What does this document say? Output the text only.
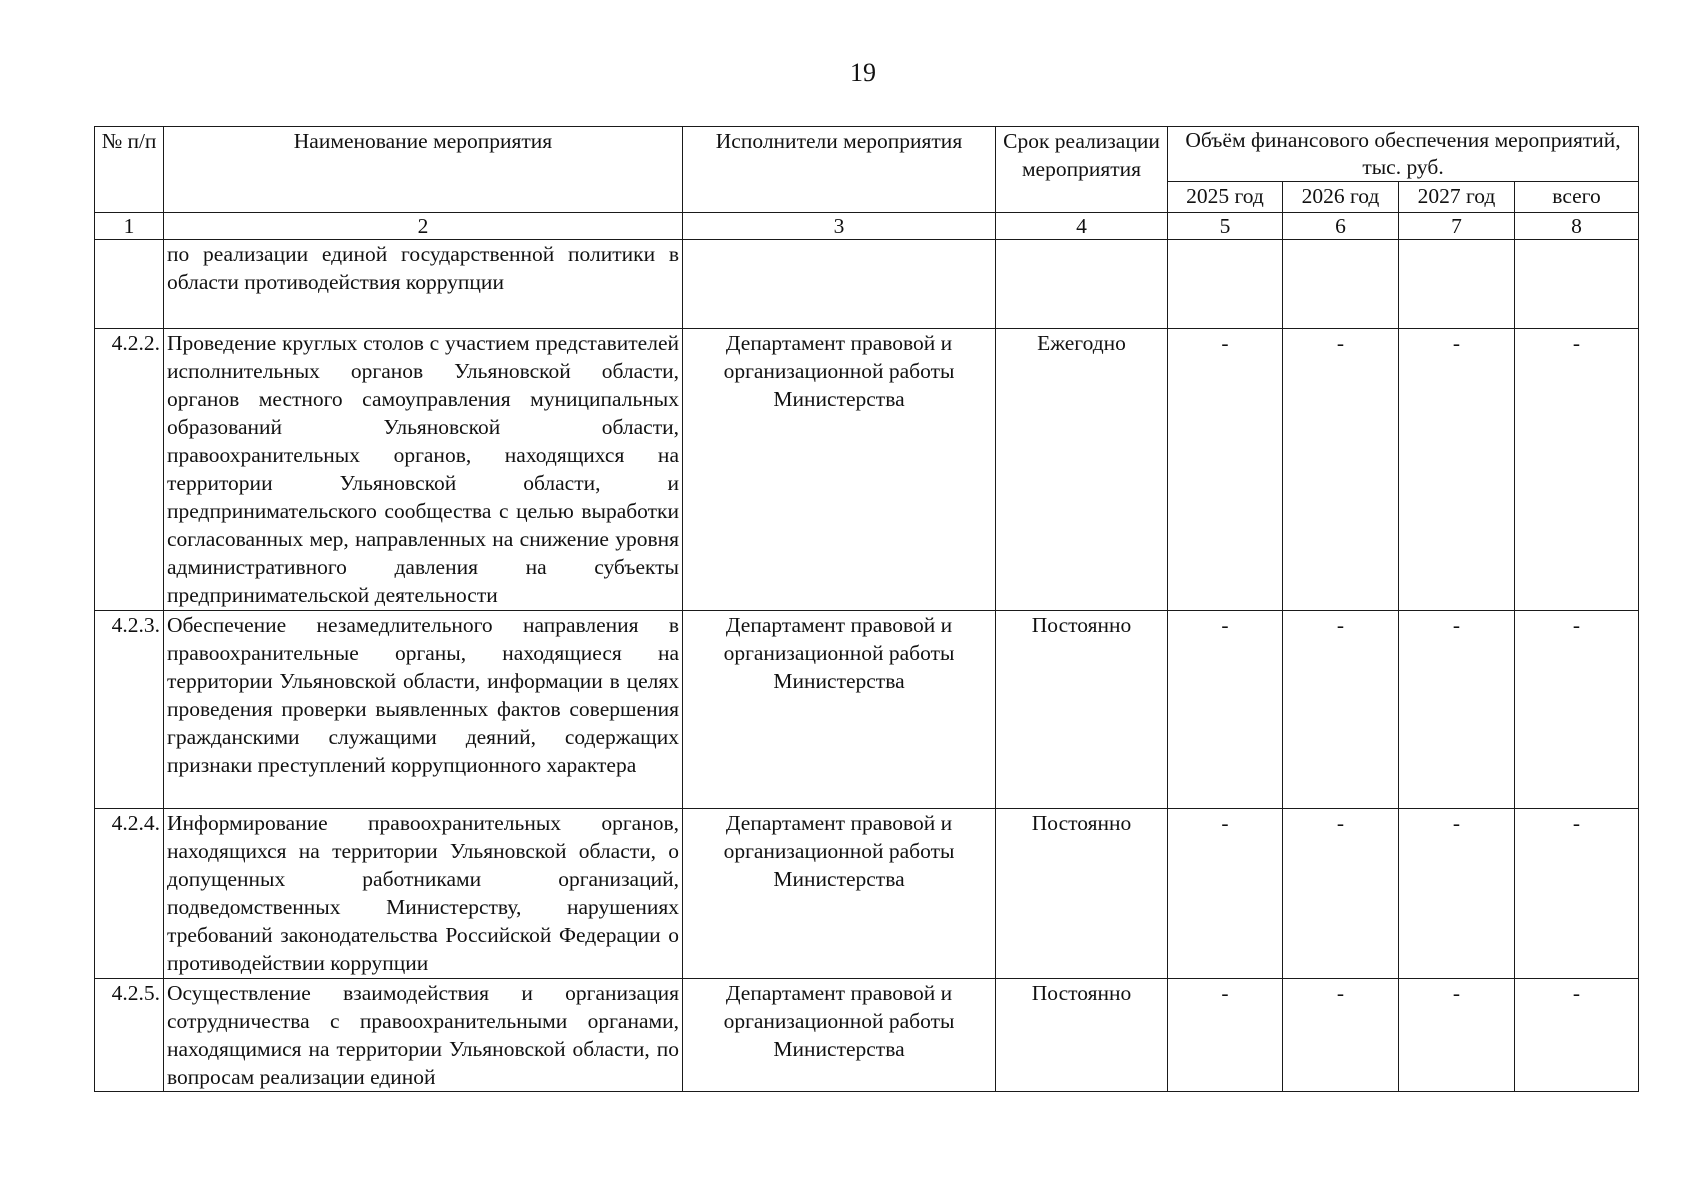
19
№ п/п	Наименование мероприятия	Исполнители мероприятия	Срок реализации мероприятия	Объём финансового обеспечения мероприятий, тыс. руб.			
				2025 год	2026 год	2027 год	всего
1	2	3	4	5	6	7	8
	по реализации единой государственной политики в области противодействия коррупции						
4.2.2.	Проведение круглых столов с участием представителей исполнительных органов Ульяновской области, органов местного самоуправления муниципальных образований Ульяновской области, правоохранительных органов, находящихся на территории Ульяновской области, и предпринимательского сообщества с целью выработки согласованных мер, направленных на снижение уровня административного давления на субъекты предпринимательской деятельности	Департамент правовой и организационной работы Министерства	Ежегодно	-	-	-	-
4.2.3.	Обеспечение незамедлительного направления в правоохранительные органы, находящиеся на территории Ульяновской области, информации в целях проведения проверки выявленных фактов совершения гражданскими служащими деяний, содержащих признаки преступлений коррупционного характера	Департамент правовой и организационной работы Министерства	Постоянно	-	-	-	-
4.2.4.	Информирование правоохранительных органов, находящихся на территории Ульяновской области, о допущенных работниками организаций, подведомственных Министерству, нарушениях требований законодательства Российской Федерации о противодействии коррупции	Департамент правовой и организационной работы Министерства	Постоянно	-	-	-	-
4.2.5.	Осуществление взаимодействия и организация сотрудничества с правоохранительными органами, находящимися на территории Ульяновской области, по вопросам реализации единой	Департамент правовой и организационной работы Министерства	Постоянно	-	-	-	-
